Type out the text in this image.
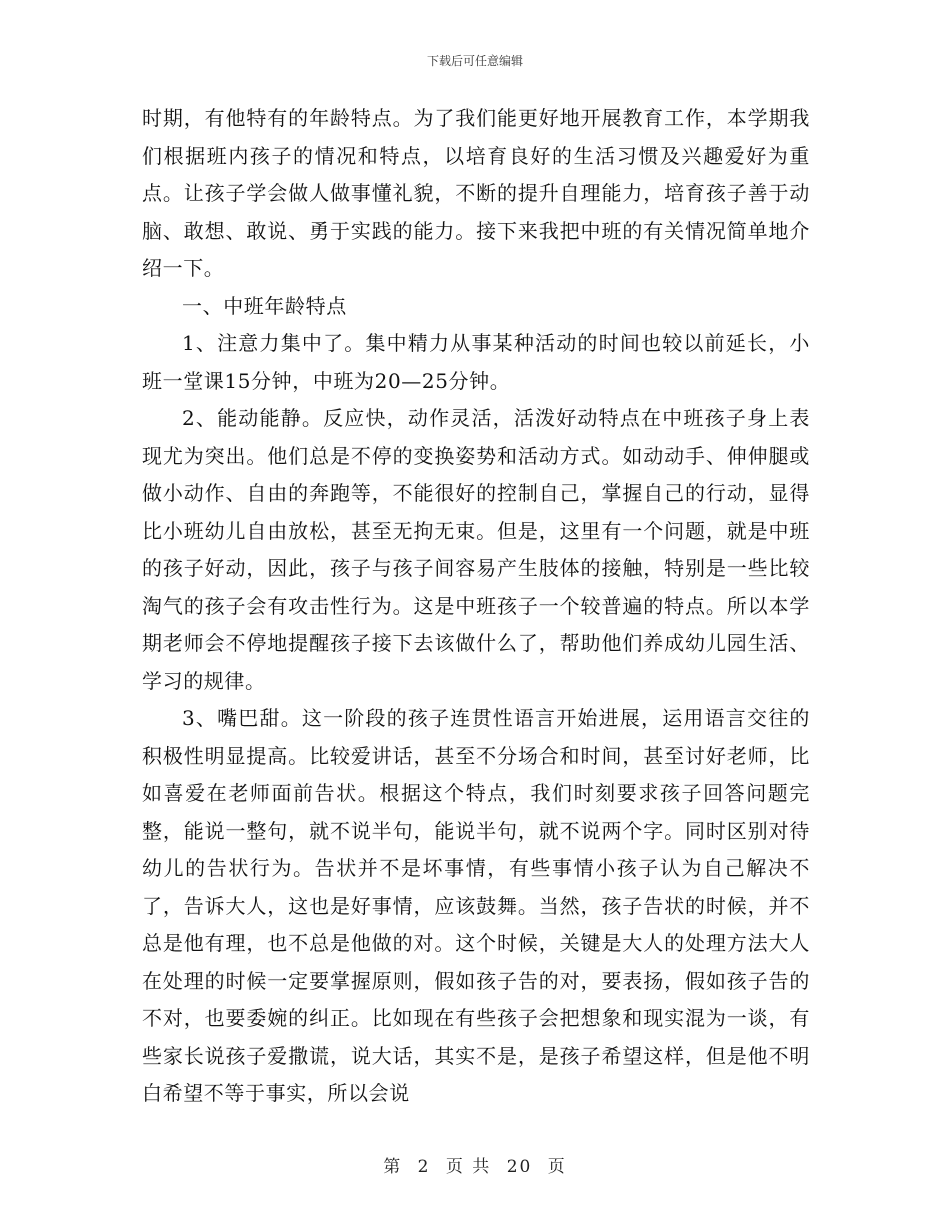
下载后可任意编辑

时期，有他特有的年龄特点。为了我们能更好地开展教育工作，本学期我们根据班内孩子的情况和特点，以培育良好的生活习惯及兴趣爱好为重点。让孩子学会做人做事懂礼貌，不断的提升自理能力，培育孩子善于动脑、敢想、敢说、勇于实践的能力。接下来我把中班的有关情况简单地介绍一下。

一、中班年龄特点

1、注意力集中了。集中精力从事某种活动的时间也较以前延长，小班一堂课15分钟，中班为20—25分钟。

2、能动能静。反应快，动作灵活，活泼好动特点在中班孩子身上表现尤为突出。他们总是不停的变换姿势和活动方式。如动动手、伸伸腿或做小动作、自由的奔跑等，不能很好的控制自己，掌握自己的行动，显得比小班幼儿自由放松，甚至无拘无束。但是，这里有一个问题，就是中班的孩子好动，因此，孩子与孩子间容易产生肢体的接触，特别是一些比较淘气的孩子会有攻击性行为。这是中班孩子一个较普遍的特点。所以本学期老师会不停地提醒孩子接下去该做什么了，帮助他们养成幼儿园生活、学习的规律。

3、嘴巴甜。这一阶段的孩子连贯性语言开始进展，运用语言交往的积极性明显提高。比较爱讲话，甚至不分场合和时间，甚至讨好老师，比如喜爱在老师面前告状。根据这个特点，我们时刻要求孩子回答问题完整，能说一整句，就不说半句，能说半句，就不说两个字。同时区别对待幼儿的告状行为。告状并不是坏事情，有些事情小孩子认为自己解决不了，告诉大人，这也是好事情，应该鼓舞。当然，孩子告状的时候，并不总是他有理，也不总是他做的对。这个时候，关键是大人的处理方法大人在处理的时候一定要掌握原则，假如孩子告的对，要表扬，假如孩子告的不对，也要委婉的纠正。比如现在有些孩子会把想象和现实混为一谈，有些家长说孩子爱撒谎，说大话，其实不是，是孩子希望这样，但是他不明白希望不等于事实，所以会说

第 2 页 共 20 页
